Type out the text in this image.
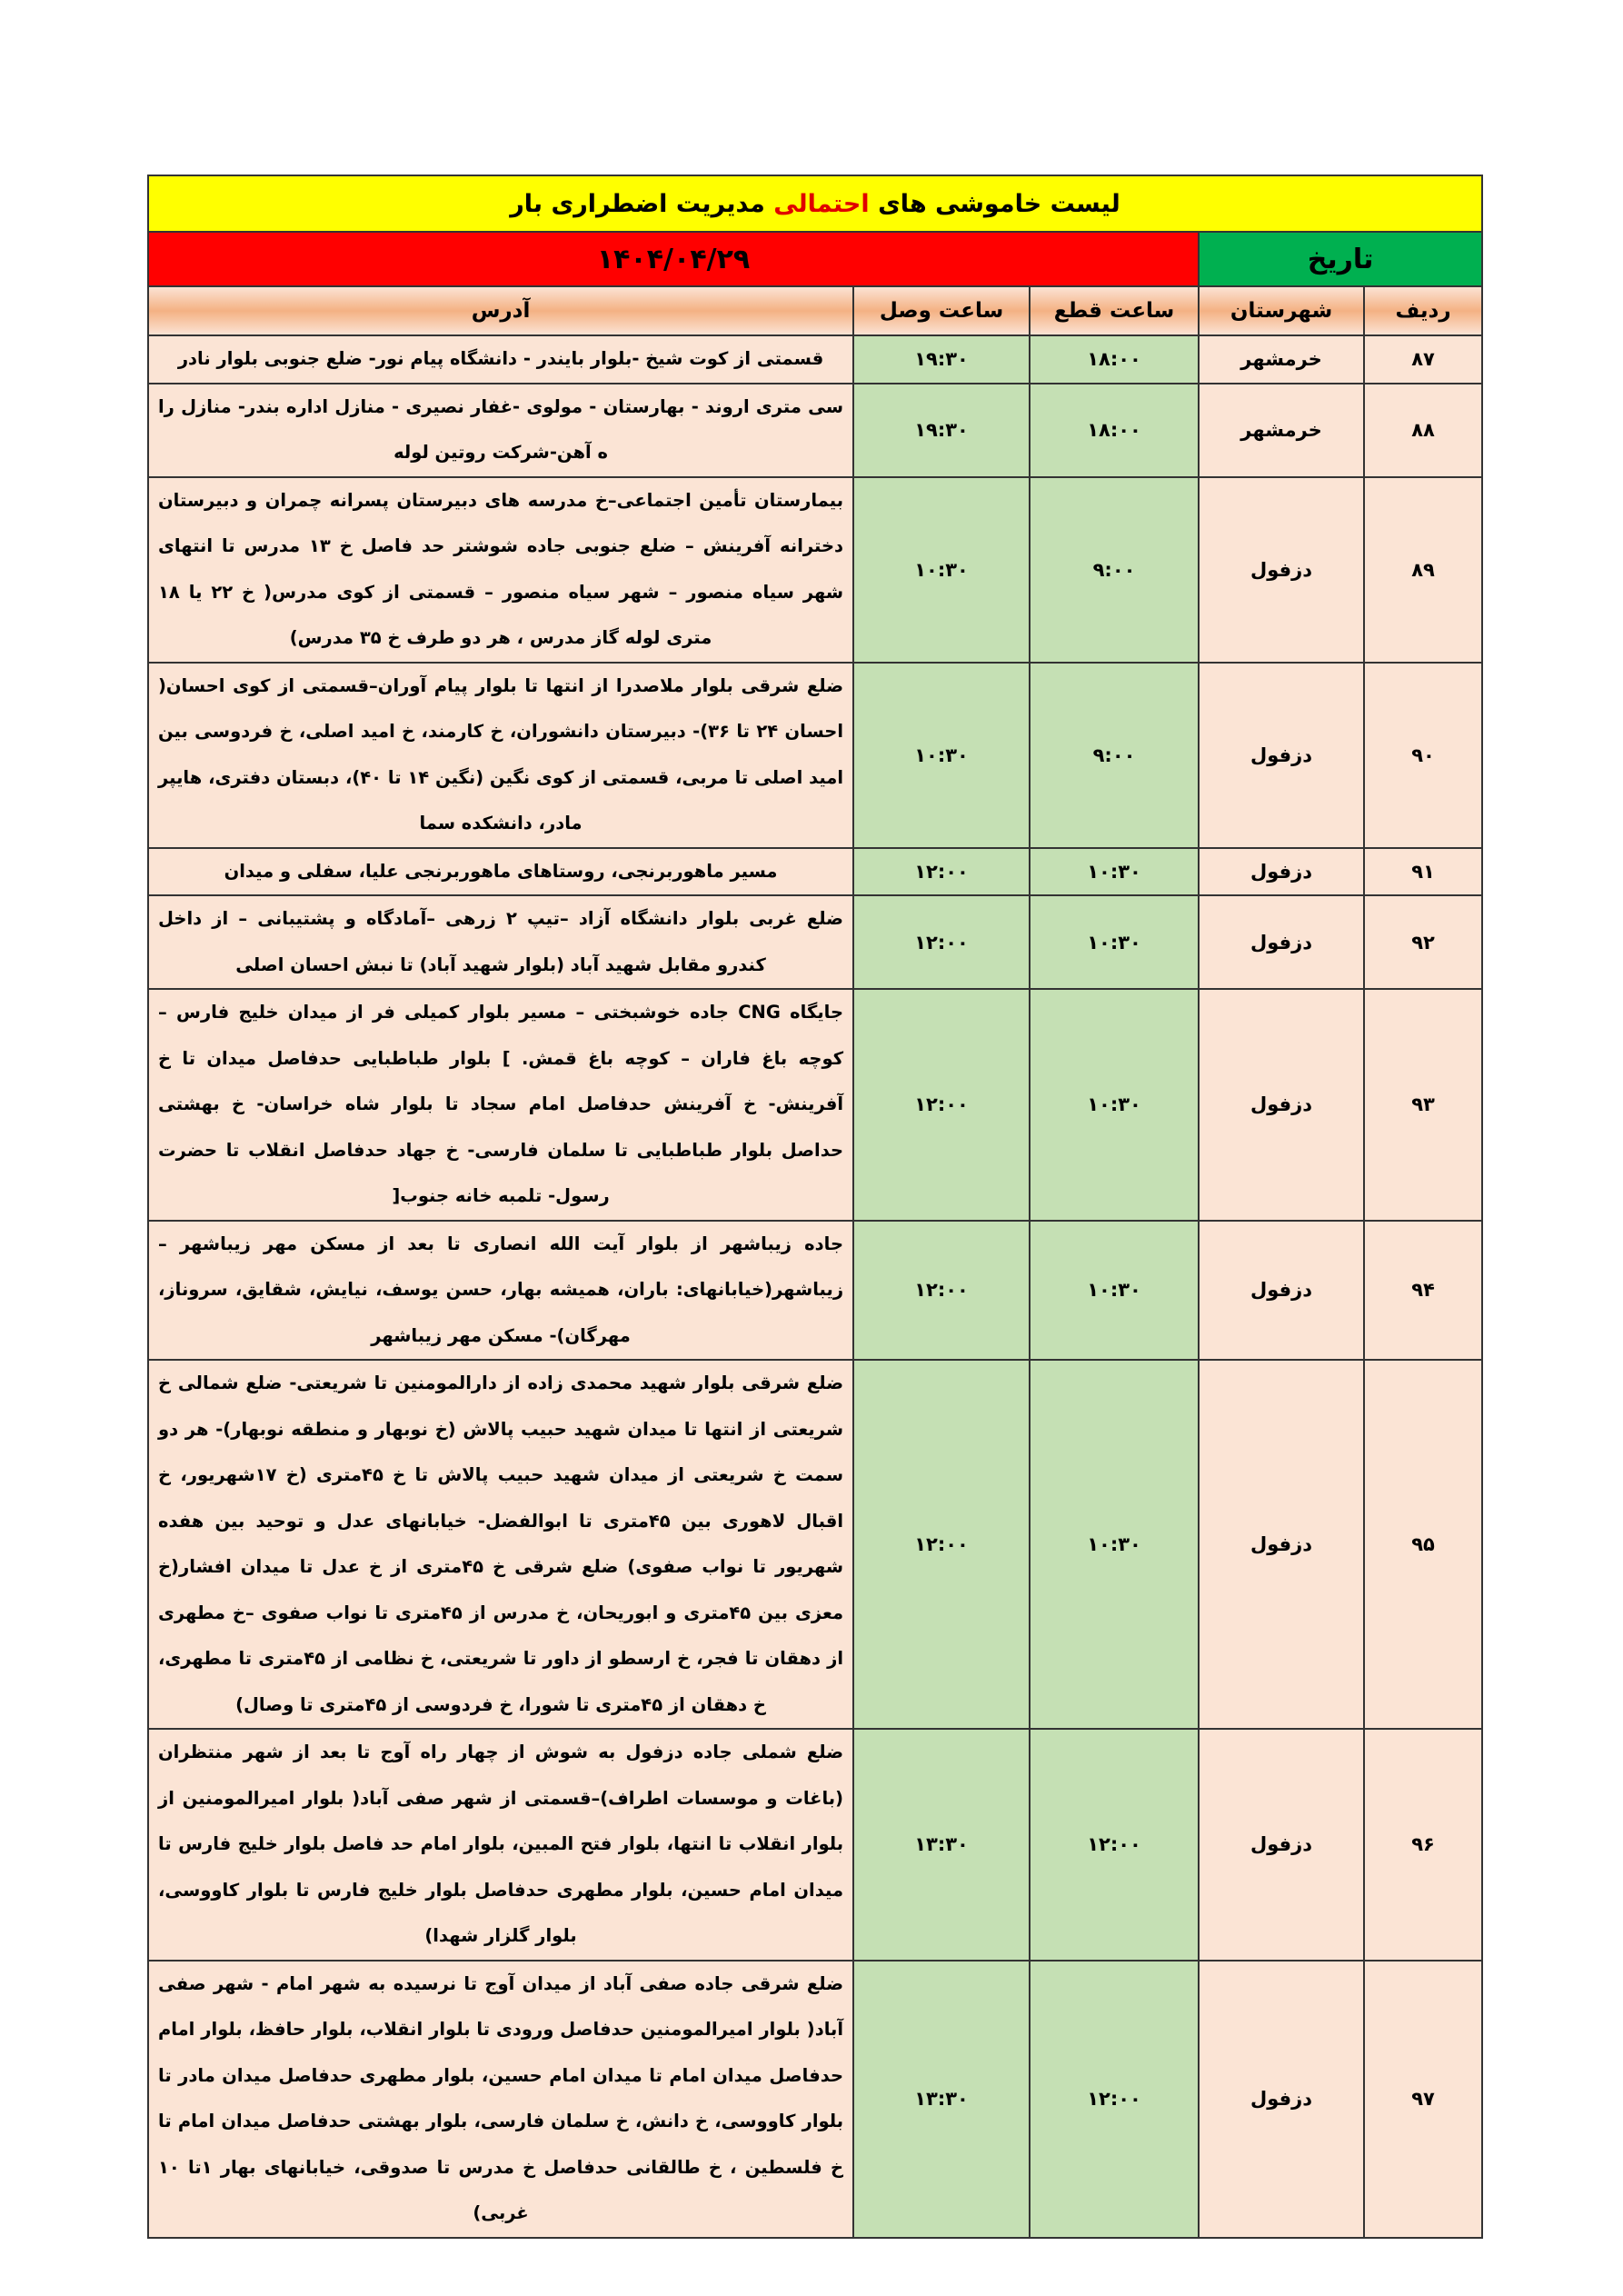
لیست خاموشی های احتمالی مدیریت اضطراری بار				
تاریخ		۱۴۰۴/۰۴/۲۹		
ردیف	شهرستان	ساعت قطع	ساعت وصل	آدرس
۸۷	خرمشهر	۱۸:۰۰	۱۹:۳۰	قسمتی از کوت شیخ -بلوار بایندر - دانشگاه پیام نور- ضلع جنوبی بلوار نادر
۸۸	خرمشهر	۱۸:۰۰	۱۹:۳۰	سی متری اروند - بهارستان - مولوی -غفار نصیری - منازل اداره بندر- منازل را ه آهن-شرکت روتین لوله
۸۹	دزفول	۹:۰۰	۱۰:۳۰	بیمارستان تأمین اجتماعی–خ مدرسه های دبیرستان پسرانه چمران و دبیرستان دخترانه آفرینش – ضلع جنوبی جاده شوشتر حد فاصل خ ۱۳ مدرس تا انتهای شهر سیاه منصور – شهر سیاه منصور – قسمتی از کوی مدرس( خ ۲۲ یا ۱۸ متری لوله گاز مدرس ، هر دو طرف خ ۳۵ مدرس)
۹۰	دزفول	۹:۰۰	۱۰:۳۰	ضلع شرقی بلوار ملاصدرا از انتها تا بلوار پیام آوران–قسمتی از کوی احسان( احسان ۲۴ تا ۳۶)- دبیرستان دانشوران، خ کارمند، خ امید اصلی، خ فردوسی بین امید اصلی تا مربی، قسمتی از کوی نگین (نگین ۱۴ تا ۴۰)، دبستان دفتری، هایپر مادر، دانشکده سما
۹۱	دزفول	۱۰:۳۰	۱۲:۰۰	مسیر ماهوربرنجی، روستاهای ماهوربرنجی علیا، سفلی و میدان
۹۲	دزفول	۱۰:۳۰	۱۲:۰۰	ضلع غربی بلوار دانشگاه آزاد –تیپ ۲ زرهی –آمادگاه و پشتیبانی – از داخل کندرو مقابل شهید آباد (بلوار شهید آباد) تا نبش احسان اصلی
۹۳	دزفول	۱۰:۳۰	۱۲:۰۰	جایگاه CNG جاده خوشبختی – مسیر بلوار کمیلی فر از میدان خلیج فارس – کوچه باغ فاران – کوچه باغ قمش. ] بلوار طباطبایی حدفاصل میدان تا خ آفرینش- خ آفرینش حدفاصل امام سجاد تا بلوار شاه خراسان- خ بهشتی حداصل بلوار طباطبایی تا سلمان فارسی- خ جهاد حدفاصل انقلاب تا حضرت رسول- تلمبه خانه جنوب[
۹۴	دزفول	۱۰:۳۰	۱۲:۰۰	جاده زیباشهر از بلوار آیت الله انصاری تا بعد از مسکن مهر زیباشهر – زیباشهر(خیابانهای: باران، همیشه بهار، حسن یوسف، نیایش، شقایق، سروناز، مهرگان)- مسکن مهر زیباشهر
۹۵	دزفول	۱۰:۳۰	۱۲:۰۰	ضلع شرقی بلوار شهید محمدی زاده از دارالمومنین تا شریعتی- ضلع شمالی خ شریعتی از انتها تا میدان شهید حبیب پالاش (خ نوبهار و منطقه نوبهار)- هر دو سمت خ شریعتی از میدان شهید حبیب پالاش تا خ ۴۵متری (خ ۱۷شهریور، خ اقبال لاهوری بین ۴۵متری تا ابوالفضل- خیابانهای عدل و توحید بین هفده شهریور تا نواب صفوی) ضلع شرقی خ ۴۵متری از خ عدل تا میدان افشار(خ معزی بین ۴۵متری و ابوریحان، خ مدرس از ۴۵متری تا نواب صفوی –خ مطهری از دهقان تا فجر، خ ارسطو از داور تا شریعتی، خ نظامی از ۴۵متری تا مطهری، خ دهقان از ۴۵متری تا شورا، خ فردوسی از ۴۵متری تا وصال)
۹۶	دزفول	۱۲:۰۰	۱۳:۳۰	ضلع شملی جاده دزفول به شوش از چهار راه آوج تا بعد از شهر منتظران (باغات و موسسات اطراف)–قسمتی از شهر صفی آباد( بلوار امیرالمومنین از بلوار انقلاب تا انتها، بلوار فتح المبین، بلوار امام حد فاصل بلوار خلیج فارس تا میدان امام حسین، بلوار مطهری حدفاصل بلوار خلیج فارس تا بلوار کاووسی، بلوار گلزار شهدا)
۹۷	دزفول	۱۲:۰۰	۱۳:۳۰	ضلع شرقی جاده صفی آباد از میدان آوج تا نرسیده به شهر امام - شهر صفی آباد( بلوار امیرالمومنین حدفاصل ورودی تا بلوار انقلاب، بلوار حافظ، بلوار امام حدفاصل میدان امام تا میدان امام حسین، بلوار مطهری حدفاصل میدان مادر تا بلوار کاووسی، خ دانش، خ سلمان فارسی، بلوار بهشتی حدفاصل میدان امام تا خ فلسطین ، خ طالقانی حدفاصل خ مدرس تا صدوقی، خیابانهای بهار ۱تا ۱۰ غربی)
